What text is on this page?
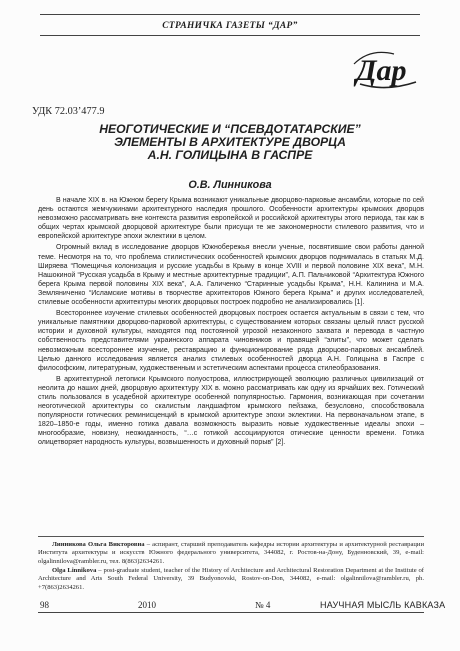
СТРАНИЧКА ГАЗЕТЫ “ДАР”
Дар
УДК 72.03’477.9
НЕОГОТИЧЕСКИЕ И “ПСЕВДОТАТАРСКИЕ”
ЭЛЕМЕНТЫ В АРХИТЕКТУРЕ ДВОРЦА
А.Н. ГОЛИЦЫНА В ГАСПРЕ
О.В. Линникова

В начале XIX в. на Южном берегу Крыма возникают уникальные дворцово-парковые ансамбли, которые по сей день остаются жемчужинами архитектурного наследия прошлого. Особенности архитектуры крымских дворцов невозможно рассматривать вне контекста развития европейской и российской архитектуры этого периода, так как в общих чертах крымской дворцовой архитектуре были присущи те же закономерности стилевого развития, что и европейской архитектуре эпохи эклектики в целом.

Огромный вклад в исследование дворцов Южнобережья внесли ученые, посвятившие свои работы данной теме. Несмотря на то, что проблема стилистических особенностей крымских дворцов поднималась в статьях М.Д. Ширяева “Помещичья колонизация и русские усадьбы в Крыму в конце XVIII и первой половине XIX века”, М.Н. Нашокиной “Русская усадьба в Крыму и местные архитектурные традиции”, А.П. Пальчиковой “Архитектура Южного берега Крыма первой половины XIX века”, А.А. Галиченко “Старинные усадьбы Крыма”, Н.Н. Калинина и М.А. Земляниченко “Исламские мотивы в творчестве архитекторов Южного берега Крыма” и других исследователей, стилевые особенности архитектуры многих дворцовых построек подробно не анализировались [1].

Всестороннее изучение стилевых особенностей дворцовых построек остается актуальным в связи с тем, что уникальные памятники дворцово-парковой архитектуры, с существованием которых связаны целый пласт русской истории и духовной культуры, находятся под постоянной угрозой незаконного захвата и перевода в частную собственность представителями украинского аппарата чиновников и правящей “элиты”, что может сделать невозможным всестороннее изучение, реставрацию и функционирование ряда дворцово-парковых ансамблей. Целью данного исследования является анализ стилевых особенностей дворца А.Н. Голицына в Гаспре с философским, литературным, художественным и эстетическим аспектами процесса стилеобразования.

В архитектурной летописи Крымского полуострова, иллюстрирующей эволюцию различных цивилизаций от неолита до наших дней, дворцовую архитектуру XIX в. можно рассматривать как одну из ярчайших вех. Готический стиль пользовался в усадебной архитектуре особенной популярностью. Гармония, возникающая при сочетании неоготической архитектуры со скалистым ландшафтом крымского пейзажа, безусловно, способствовала популярности готических реминисценций в крымской архитектуре эпохи эклектики. На первоначальном этапе, в 1820–1850-е годы, именно готика давала возможность выразить новые художественные идеалы эпохи – многообразие, новизну, неожиданность, “…с готикой ассоциируются отические ценности времени. Готика олицетворяет народность культуры, возвышенность и духовный порыв” [2].

Линникова Ольга Викторовна – аспирант, старший преподаватель кафедры истории архитектуры и архитектурной реставрации Института архитектуры и искусств Южного федерального университета, 344082, г. Ростов-на-Дону, Буденновский, 39, e-mail: olgalinnilova@rambler.ru, тел. 8(863)2634261.

Olga Linnikova – post-graduate student, teacher of the History of Architecture and Architectural Restoration Department at the Institute of Architecture and Arts South Federal University, 39 Budyonovski, Rostov-on-Don, 344082, e-mail: olgalinnilova@rambler.ru, ph. +7(863)2634261.

98	2010	№ 4	НАУЧНАЯ МЫСЛЬ КАВКАЗА
